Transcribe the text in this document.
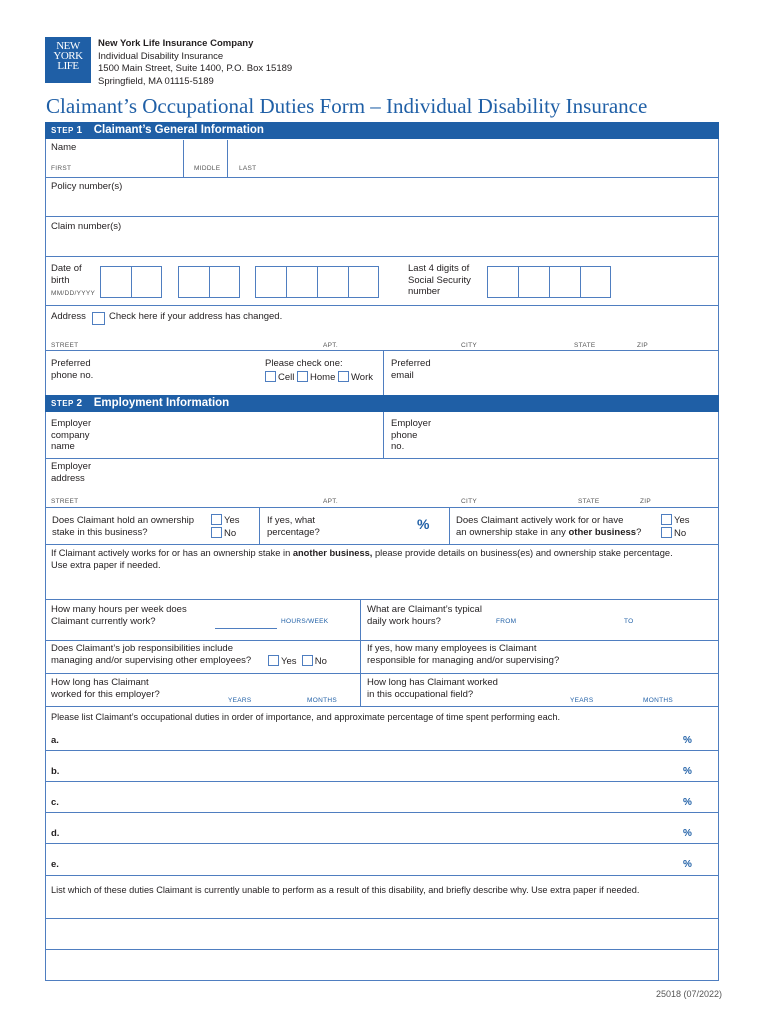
NEW
YORK
LIFE
New York Life Insurance Company
Individual Disability Insurance
1500 Main Street, Suite 1400, P.O. Box 15189
Springfield, MA 01115-5189
Claimant’s Occupational Duties Form – Individual Disability Insurance
STEP 1 Claimant’s General Information
Name
FIRST	MIDDLE	LAST
Policy number(s)
Claim number(s)
Date of
birth
MM/DD/YYYY
Last 4 digits of
Social Security
number
Address Check here if your address has changed.
STREET	APT.	CITY	STATE	ZIP
Preferred
phone no.
Please check one:
Cell Home Work
Preferred
email
STEP 2 Employment Information
Employer
company
name
Employer
phone
no.
Employer
address
STREET	APT.	CITY	STATE	ZIP
Does Claimant hold an ownership
stake in this business?
Yes
No
If yes, what
percentage?	%	Does Claimant actively work for or have
an ownership stake in any other business?
Yes
No
If Claimant actively works for or has an ownership stake in another business, please provide details on business(es) and ownership stake percentage.
Use extra paper if needed.
How many hours per week does
Claimant currently work?	HOURS/WEEK
What are Claimant’s typical
daily work hours?	FROM	TO
Does Claimant’s job responsibilities include
managing and/or supervising other employees?	Yes No
If yes, how many employees is Claimant
responsible for managing and/or supervising?
How long has Claimant
worked for this employer?
YEARS	MONTHS
How long has Claimant worked
in this occupational field?
YEARS	MONTHS
Please list Claimant’s occupational duties in order of importance, and approximate percentage of time spent performing each.
a.	%
b.	%
c.	%
d.	%
e.	%
List which of these duties Claimant is currently unable to perform as a result of this disability, and briefly describe why. Use extra paper if needed.
25018 (07/2022)
